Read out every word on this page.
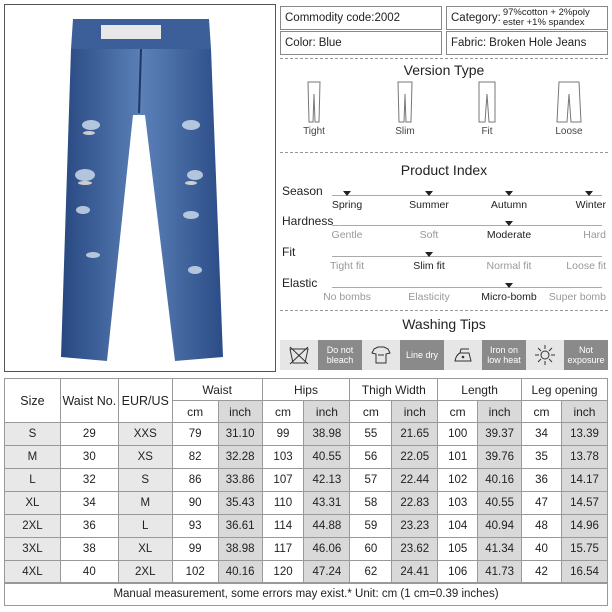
Commodity code: 2002	Category: 97%cotton + 2%poly ester +1% spandex
Color: Blue	Fabric: Broken Hole Jeans
Version Type
Tight	Slim	Fit	Loose
Product Index
Season
Spring	Summer	Autumn	Winter
Hardness
Gentle	Soft	Moderate	Hard
Fit
Tight fit	Slim fit	Normal fit	Loose fit
Elastic
No bombs	Elasticity	Micro-bomb Super bomb
Washing Tips
Do not bleach	Line dry	Iron on low heat
Not exposure
Size	Waist No.	EUR/US	Waist		Hips		Thigh Width		Length		Leg opening	
			cm	inch	cm	inch	cm	inch	cm	inch	cm	inch
S	29	XXS	79	31.10	99	38.98	55	21.65	100	39.37	34	13.39
M	30	XS	82	32.28	103	40.55	56	22.05	101	39.76	35	13.78
L	32	S	86	33.86	107	42.13	57	22.44	102	40.16	36	14.17
XL	34	M	90	35.43	110	43.31	58	22.83	103	40.55	47	14.57
2XL	36	L	93	36.61	114	44.88	59	23.23	104	40.94	48	14.96
3XL	38	XL	99	38.98	117	46.06	60	23.62	105	41.34	40	15.75
4XL	40	2XL	102	40.16	120	47.24	62	24.41	106	41.73	42	16.54
Manual measurement, some errors may exist.* Unit: cm (1 cm=0.39 inches)
